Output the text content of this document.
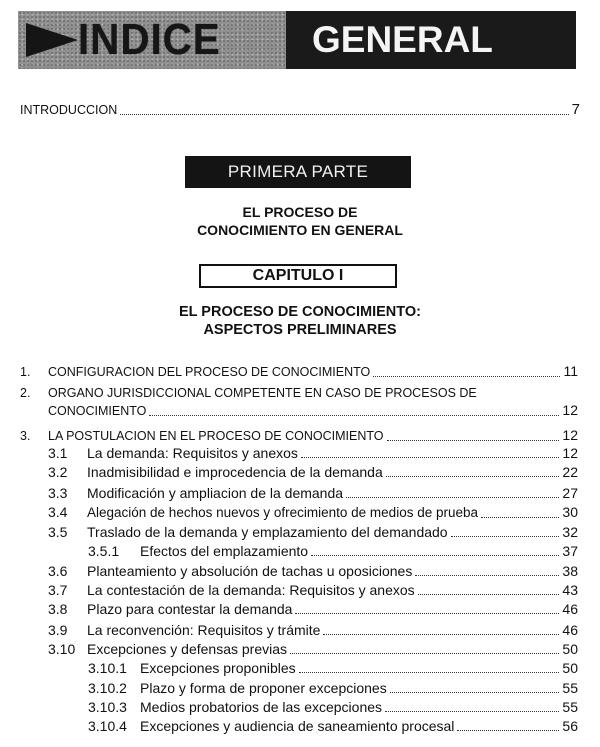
INDICE	GENERAL
INTRODUCCION	7
PRIMERA PARTE
EL PROCESO DE
CONOCIMIENTO EN GENERAL
CAPITULO I
EL PROCESO DE CONOCIMIENTO:
ASPECTOS PRELIMINARES
1.	CONFIGURACION DEL PROCESO DE CONOCIMIENTO	11
2.	ORGANO JURISDICCIONAL COMPETENTE EN CASO DE PROCESOS DE
CONOCIMIENTO	12
3.	LA POSTULACION EN EL PROCESO DE CONOCIMIENTO	12
3.1	La demanda: Requisitos y anexos	12
3.2	Inadmisibilidad e improcedencia de la demanda	22
3.3	Modificación y ampliacion de la demanda	27
3.4	Alegación de hechos nuevos y ofrecimiento de medios de prueba	30
3.5	Traslado de la demanda y emplazamiento del demandado	32
3.5.1	Efectos del emplazamiento	37
3.6	Planteamiento y absolución de tachas u oposiciones	38
3.7	La contestación de la demanda: Requisitos y anexos	43
3.8	Plazo para contestar la demanda	46
3.9	La reconvención: Requisitos y trámite	46
3.10 Excepciones y defensas previas	50
3.10.1 Excepciones proponibles	50
3.10.2 Plazo y forma de proponer excepciones	55
3.10.3 Medios probatorios de las excepciones	55
3.10.4 Excepciones y audiencia de saneamiento procesal	56
